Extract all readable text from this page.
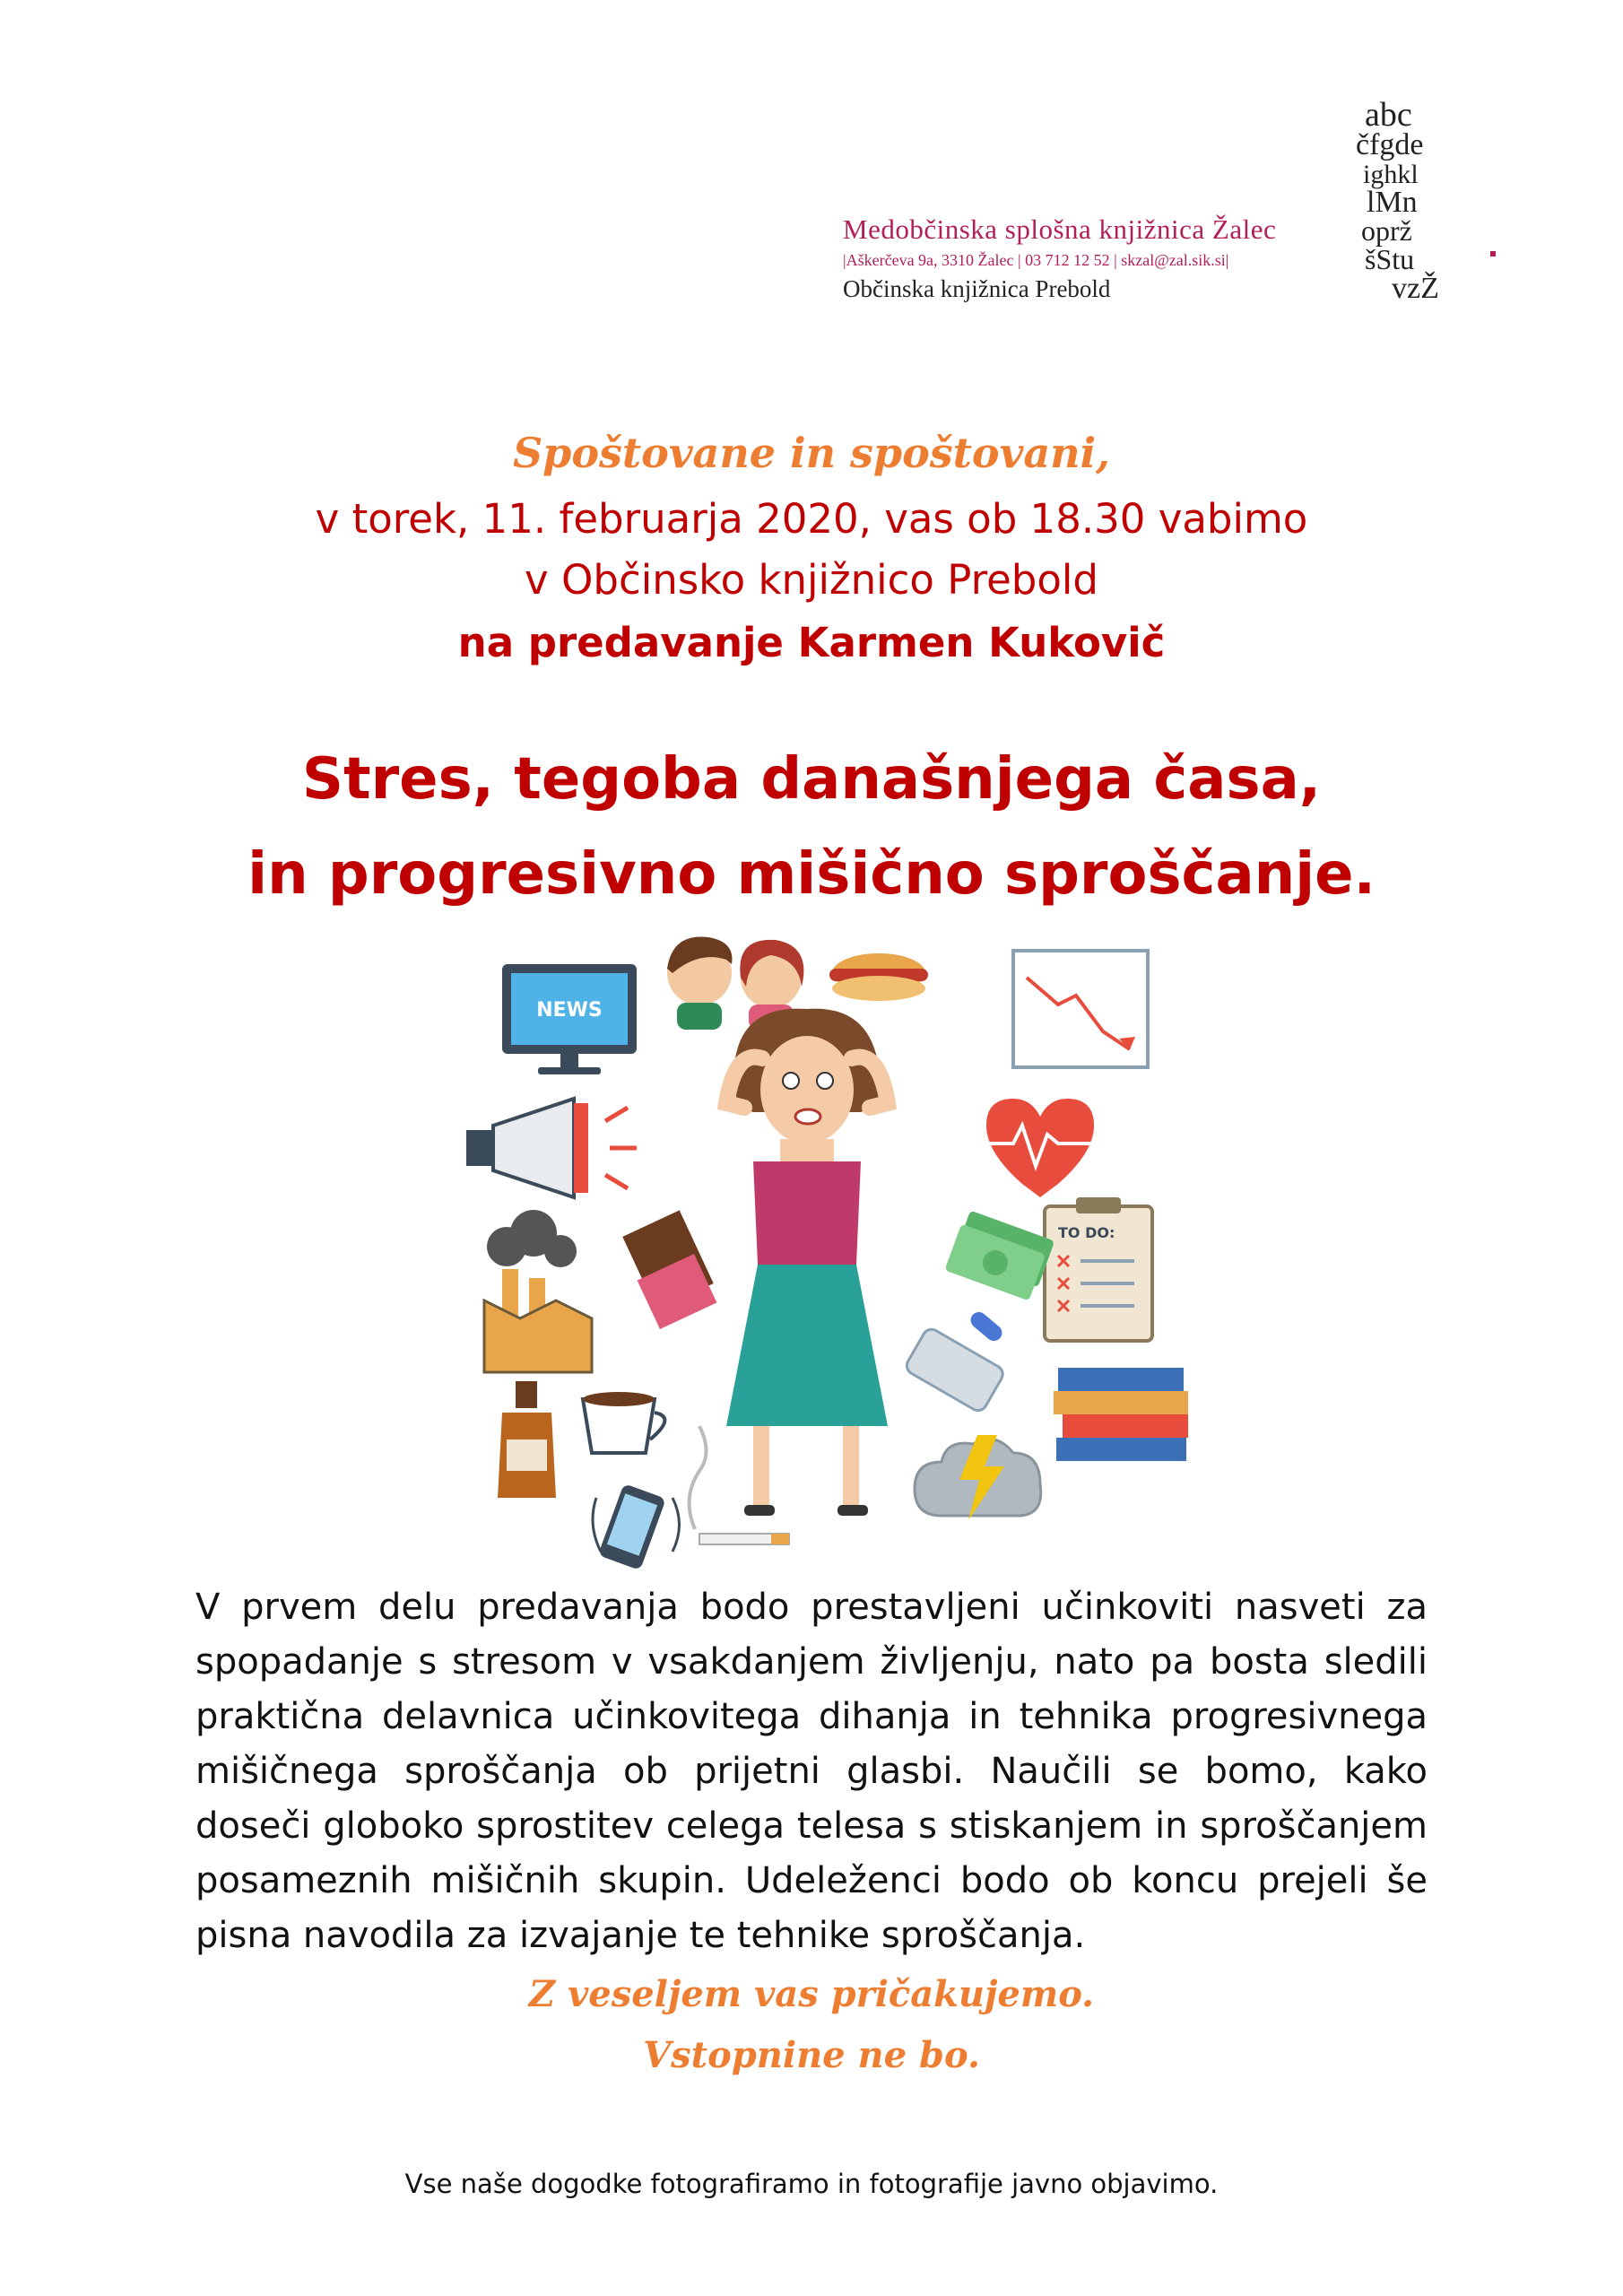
Medobčinska splošna knjižnica Žalec
|Aškerčeva 9a, 3310 Žalec | 03 712 12 52 | skzal@zal.sik.si|
Občinska knjižnica Prebold
abc
čfgde
ighkl
lMn
oprž
šStu
vzŽ
Spoštovane in spoštovani,
v torek, 11. februarja 2020, vas ob 18.30 vabimo
v Občinsko knjižnico Prebold
na predavanje Karmen Kukovič
Stres, tegoba današnjega časa,
in progresivno mišično sproščanje.
NEWS
TO DO:
V prvem delu predavanja bodo prestavljeni učinkoviti nasveti za spopadanje s stresom v vsakdanjem življenju, nato pa bosta sledili praktična delavnica učinkovitega dihanja in tehnika progresivnega mišičnega sproščanja ob prijetni glasbi. Naučili se bomo, kako doseči globoko sprostitev celega telesa s stiskanjem in sproščanjem posameznih mišičnih skupin. Udeleženci bodo ob koncu prejeli še pisna navodila za izvajanje te tehnike sproščanja.
Z veseljem vas pričakujemo.
Vstopnine ne bo.
Vse naše dogodke fotografiramo in fotografije javno objavimo.
